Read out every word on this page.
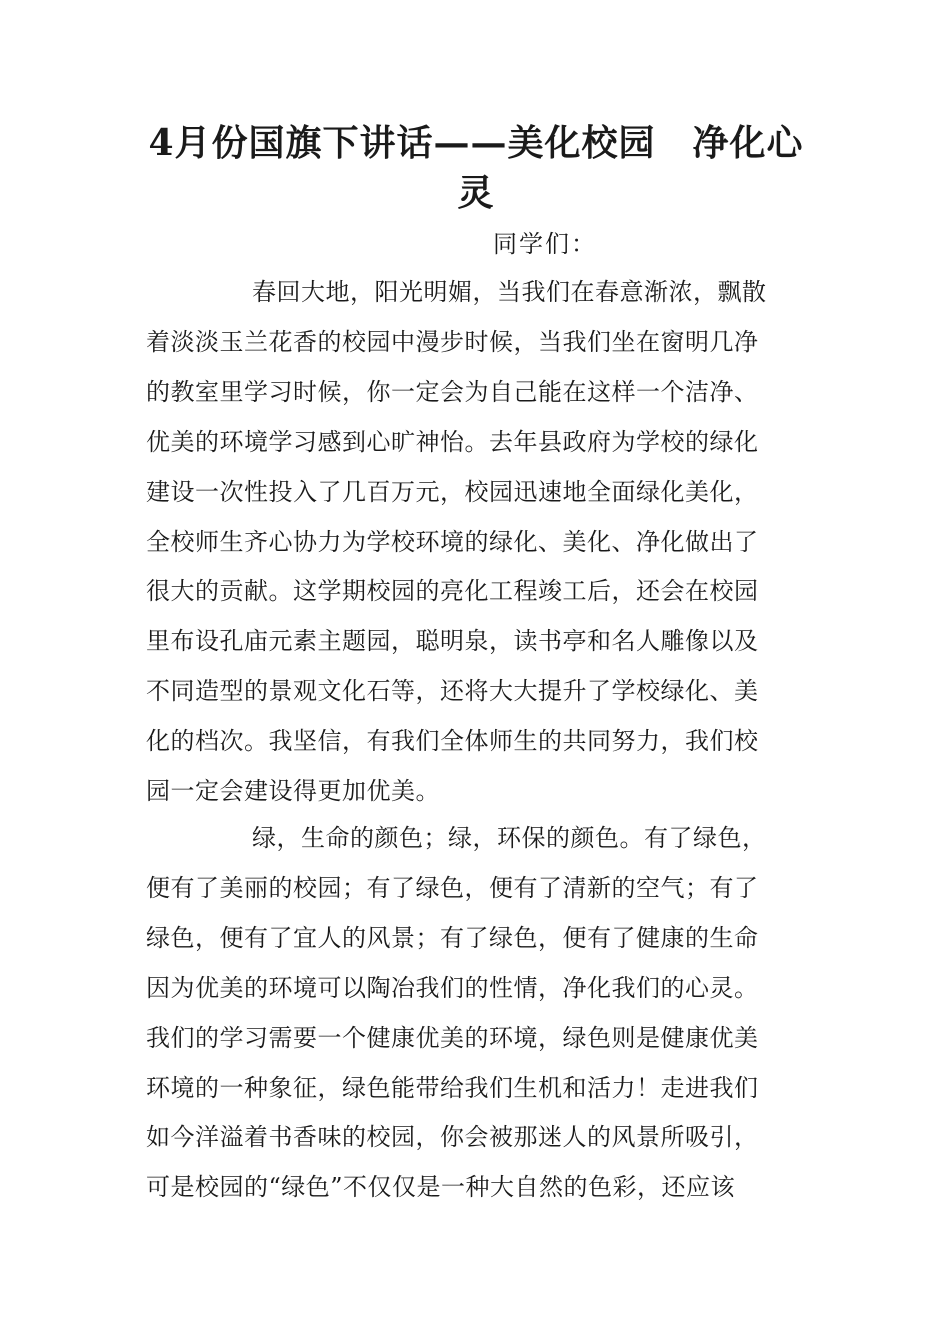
4月份国旗下讲话——美化校园　净化心
灵
同学们：
春回大地，阳光明媚，当我们在春意渐浓，飘散
着淡淡玉兰花香的校园中漫步时候，当我们坐在窗明几净
的教室里学习时候，你一定会为自己能在这样一个洁净、
优美的环境学习感到心旷神怡。去年县政府为学校的绿化
建设一次性投入了几百万元，校园迅速地全面绿化美化，
全校师生齐心协力为学校环境的绿化、美化、净化做出了
很大的贡献。这学期校园的亮化工程竣工后，还会在校园
里布设孔庙元素主题园，聪明泉，读书亭和名人雕像以及
不同造型的景观文化石等，还将大大提升了学校绿化、美
化的档次。我坚信，有我们全体师生的共同努力，我们校
园一定会建设得更加优美。
绿，生命的颜色；绿，环保的颜色。有了绿色，
便有了美丽的校园；有了绿色，便有了清新的空气；有了
绿色，便有了宜人的风景；有了绿色，便有了健康的生命
因为优美的环境可以陶冶我们的性情，净化我们的心灵。
我们的学习需要一个健康优美的环境，绿色则是健康优美
环境的一种象征，绿色能带给我们生机和活力！走进我们
如今洋溢着书香味的校园，你会被那迷人的风景所吸引，
可是校园的“绿色”不仅仅是一种大自然的色彩，还应该
